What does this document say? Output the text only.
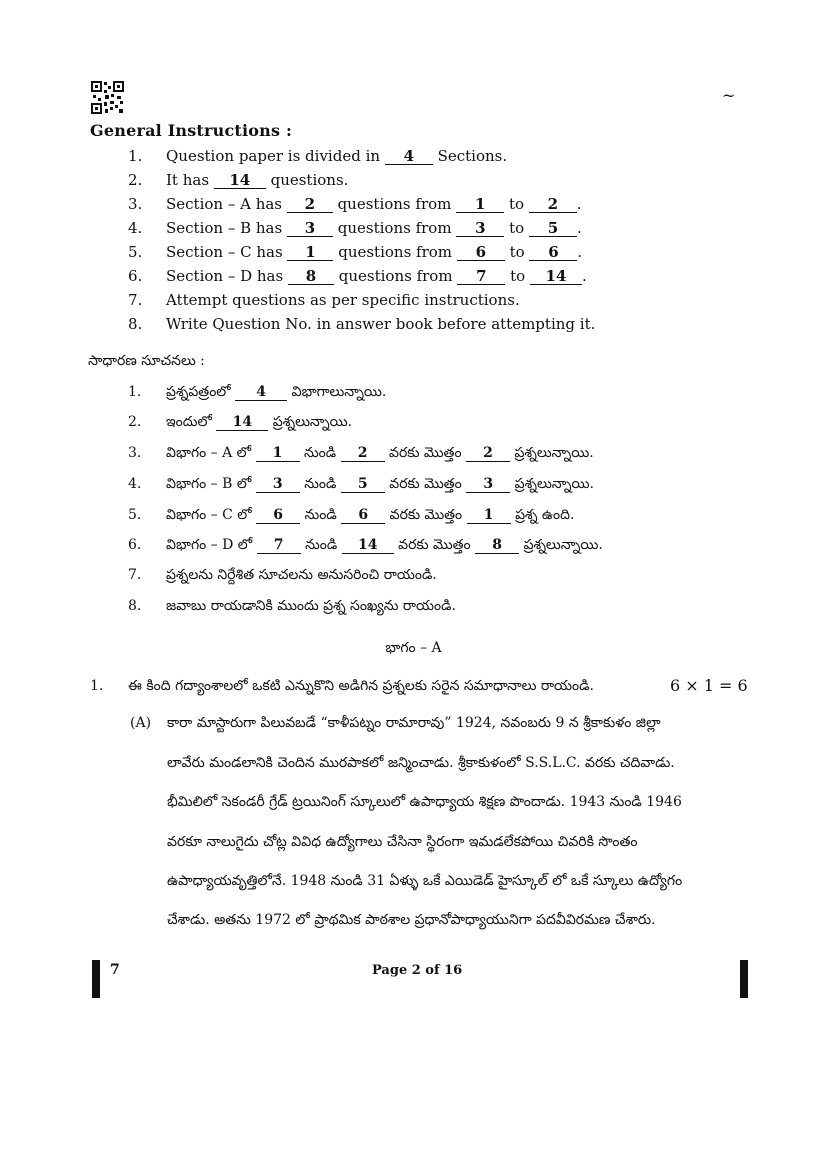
~
General Instructions :
1. Question paper is divided in 4 Sections.
2. It has 14 questions.
3. Section – A has 2 questions from 1 to 2 .
4. Section – B has 3 questions from 3 to 5 .
5. Section – C has 1 questions from 6 to 6 .
6. Section – D has 8 questions from 7 to 14 .
7. Attempt questions as per specific instructions.
8. Write Question No. in answer book before attempting it.
సాధారణ సూచనలు :
1. ప్రశ్నపత్రంలో 4 విభాగాలున్నాయి.
2. ఇందులో 14 ప్రశ్నలున్నాయి.
3. విభాగం – A లో 1 నుండి 2 వరకు మొత్తం 2 ప్రశ్నలున్నాయి.
4. విభాగం – B లో 3 నుండి 5 వరకు మొత్తం 3 ప్రశ్నలున్నాయి.
5. విభాగం – C లో 6 నుండి 6 వరకు మొత్తం 1 ప్రశ్న ఉంది.
6. విభాగం – D లో 7 నుండి 14 వరకు మొత్తం 8 ప్రశ్నలున్నాయి.
7. ప్రశ్నలను నిర్దేశిత సూచలను అనుసరించి రాయండి.
8. జవాబు రాయడానికి ముందు ప్రశ్న సంఖ్యను రాయండి.
భాగం – A
1. ఈ కింది గద్యాంశాలలో ఒకటి ఎన్నుకొని అడిగిన ప్రశ్నలకు సరైన సమాధానాలు రాయండి.	6 × 1 = 6
(A) కారా మాస్టారుగా పిలువబడే “కాళీపట్నం రామారావు” 1924, నవంబరు 9 న శ్రీకాకుళం జిల్లా
లావేరు మండలానికి చెందిన మురపాకలో జన్మించాడు. శ్రీకాకుళంలో S.S.L.C. వరకు చదివాడు.
భీమిలిలో సెకండరీ గ్రేడ్ ట్రయినింగ్ స్కూలులో ఉపాధ్యాయ శిక్షణ పొందాడు. 1943 నుండి 1946
వరకూ నాలుగైదు చోట్ల వివిధ ఉద్యోగాలు చేసినా స్థిరంగా ఇమడలేకపోయి చివరికి సొంతం
ఉపాధ్యాయవృత్తిలోనే. 1948 నుండి 31 ఏళ్ళు ఒకే ఎయిడెడ్ హైస్కూల్ లో ఒకే స్కూలు ఉద్యోగం
చేశాడు. అతను 1972 లో ప్రాథమిక పాఠశాల ప్రధానోపాధ్యాయునిగా పదవీవిరమణ చేశారు.
7	Page 2 of 16
